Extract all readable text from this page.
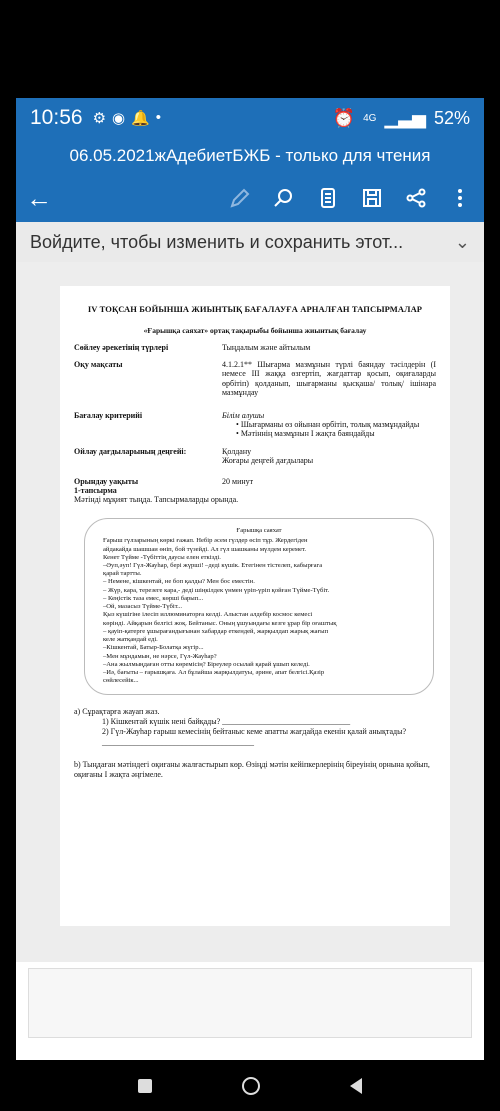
10:56 ⚙ ◉ 🔔 •	⏰ 4G ▁▃▅ 52%
06.05.2021жАдебиетБЖБ - только для чтения
←
Войдите, чтобы изменить и сохранить этот...	⌄
IV ТОҚСАН БОЙЫНША ЖИЫНТЫҚ БАҒАЛАУҒА АРНАЛҒАН ТАПСЫРМАЛАР
«Ғарышқа саяхат» ортақ тақырыбы бойынша жиынтық бағалау
Сөйлеу әрекетінің түрлері	Тыңдалым және айтылым
Оқу мақсаты	4.1.2.1** Шығарма мазмұнын түрлі баяндау тәсілдерін (I немесе III жаққа өзгертіп, жағдаттар қосып, оқиғаларды өрбітіп) қолданып, шығарманы қысқаша/ толық/ ішінара мазмұндау
Бағалау критерийі	Білім алушы
• Шығарманы өз ойынан өрбітіп, толық мазмұндайды
• Мәтіннің мазмұнын I жақта баяндайды
Ойлау дағдыларының деңгейі:	Қолдану
Жоғары деңгей дағдылары
Орындау уақыты	20 минут
1-тапсырма
Мәтінді мұқият тыңда. Тапсырмаларды орында.
Ғарышқа саяхат
Ғарыш гүлзарының көркі ғажап. Небір әсем гүлдер өсіп тұр. Жердегіден
айдакайда шашшаи өніп, бой түзейді. Ал гүл шашканы мүлдем керемет.
Кенет Түйме -Түбіттің даусы елен еткізді.
–Әуп,әуп! Гүл-Жауһар, бері жүрші! –деді күшік. Етегінен тістелеп, кабырғага
қарай тартты.
– Немене, кішкентай, не боп қалды? Мен бос еместін.
– Жүр, кара, терезеге кара,- деді шіңкілдек үнмен үріп-үріп қойған Түйме-Түбіт.
– Кеңістік таза емес, көрші барып...
–Ой, мазасыз Түйме-Түбіт...
Қыз күшігіне ілесіп иллюминаторға келді. Алыстан алдебір космос кемесі
көрінді. Айқарын белгісі жоқ. Бейтаныс. Оның ұшуындағы кезге ұрар бір оғаштық
– қауіп-қатерге ұшырағандығынан хабардар еткендей, жарқылдап жарық жағып
келе жатқандай еді.
–Кішкентай, Батыр-Болатқа жүгір...
–Мен мұндамын, не нәрсе, Гүл-Жауһар?
–Ана жылмыңдаған отты көремісің? Біреулер осылай қарай ұшып келеді.
–Иә, бағыты – ғарышқаға. Ал бұлайша жарқылдатуы, әрине, апат белгісі.Қазір
сөйлесейік...
а) Сұрақтарға жауап жаз.
1) Кішкентай күшік нені байқады? ________________________________
2) Гүл-Жауһар ғарыш кемесінің бейтаныс кеме апатты жағдайда екенін қалай анықтады? ______________________________________
b) Тыңдаған мәтіндегі оқиғаны жалғастырып көр. Өзіңді мәтін кейіпкерлерінің біреуінің орнына қойып, оқиғаны I жақта әңгімеле.
